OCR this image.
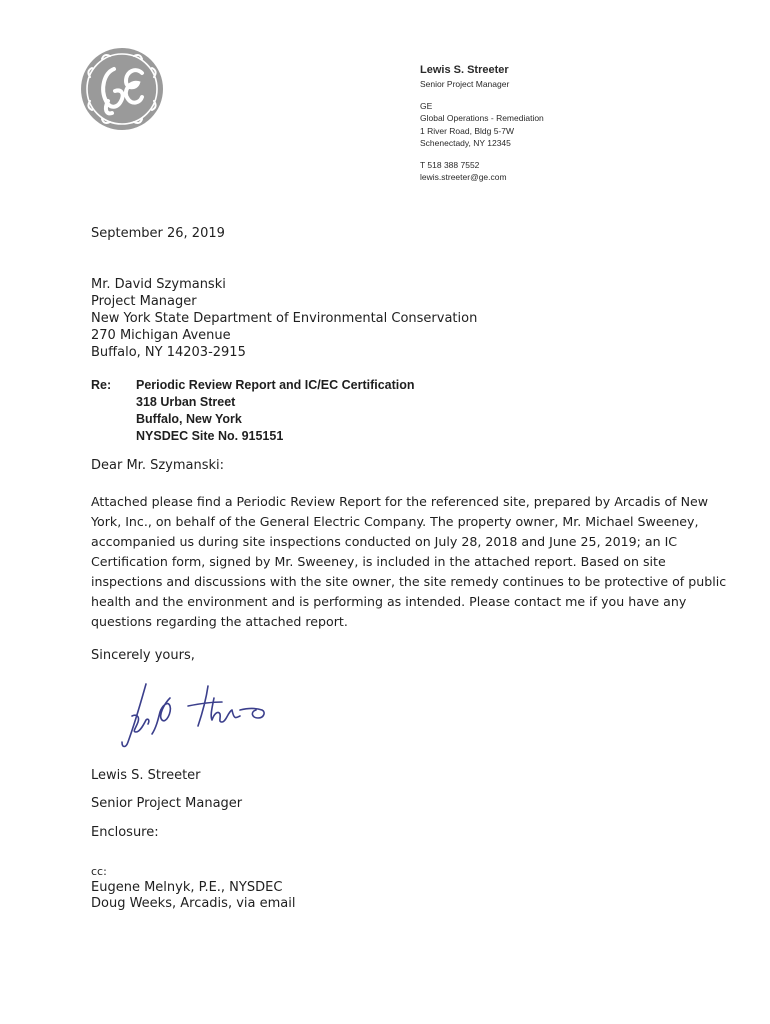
Lewis S. Streeter
Senior Project Manager
GE
Global Operations - Remediation
1 River Road, Bldg 5-7W
Schenectady, NY 12345
T 518 388 7552
lewis.streeter@ge.com
September 26, 2019
Mr. David Szymanski
Project Manager
New York State Department of Environmental Conservation
270 Michigan Avenue
Buffalo, NY 14203-2915
Re: Periodic Review Report and IC/EC Certification
318 Urban Street
Buffalo, New York
NYSDEC Site No. 915151
Dear Mr. Szymanski:
Attached please find a Periodic Review Report for the referenced site, prepared by Arcadis of New
York, Inc., on behalf of the General Electric Company. The property owner, Mr. Michael Sweeney,
accompanied us during site inspections conducted on July 28, 2018 and June 25, 2019; an IC
Certification form, signed by Mr. Sweeney, is included in the attached report. Based on site
inspections and discussions with the site owner, the site remedy continues to be protective of public
health and the environment and is performing as intended. Please contact me if you have any
questions regarding the attached report.
Sincerely yours,
Lewis S. Streeter
Senior Project Manager
Enclosure:
cc:
Eugene Melnyk, P.E., NYSDEC
Doug Weeks, Arcadis, via email
